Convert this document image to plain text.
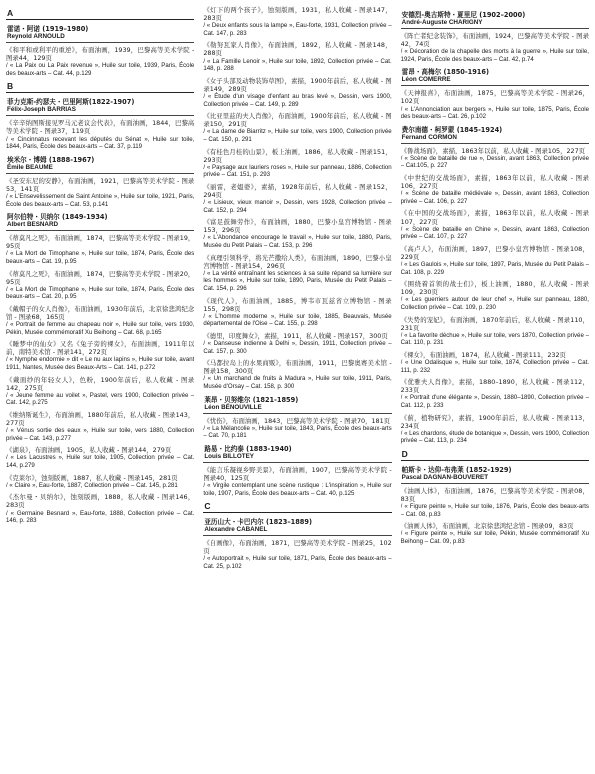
A
雷诺・阿诺 (1919–1980)
Reynold ARNOULD
《和平和或利平的重逆》，布面油画，1939，巴黎高等美术学院 - 图录44，129页
/ « La Paix ou La Paix revenue », Huile sur toile, 1939, Paris, École des beaux-arts – Cat. 44, p.129
B
菲力克斯-约瑟夫・巴里阿斯(1822-1907)
Félix-Joseph BARRIAS
《辛辛纳图斯接见罗马元老议会代表》，布面油画，1844，巴黎高等美术学院 - 图录37，119页
/ « Cincinnatus recevant les députés du Sénat », Huile sur toile, 1844, Paris, École des beaux-arts – Cat. 37, p.119
埃米尔・博姆 (1888-1967)
Émile BEAUME
《圣安东尼的安静》，布面油画，1921，巴黎高等美术学院 - 图录53，141页
/ « L'Ensevelissement de Saint Antoine », Huile sur toile, 1921, Paris, École des beaux-arts – Cat. 53, p.141
阿尔伯特・贝纳尔 (1849-1934)
Albert BESNARD
《蒂莫凡之死》，布面油画，1874，巴黎高等美术学院 - 图录19，95页
/ « La Mort de Timophane », Huile sur toile, 1874, Paris, École des beaux-arts – Cat. 19, p.95
《蒂莫凡之死》，布面油画，1874，巴黎高等美术学院 - 图录20，95页
/ « La Mort de Timophane », Huile sur toile, 1874, Paris, École des beaux-arts – Cat. 20, p.95
《戴帽子的女人肖像》，布面油画，1930年前后，北京徐悲鸿纪念馆 - 图录68，165页
/ « Portrait de femme au chapeau noir », Huile sur toile, vers 1930, Pékin, Musée commémoratif Xu Beihong – Cat. 68, p.165
《睡梦中的仙女》又名《兔子旁的裸女》，布面油画，1911年以前，南特美术馆 - 图录141，272页
/ « Nymphe endormie » dit « Le nu aux lapins », Huile sur toile, avant 1911, Nantes, Musée des Beaux-Arts – Cat. 141, p.272
《戴面纱的年轻女人》，色粉，1900年前后，私人收藏 - 图录142，275页
/ « Jeune femme au voilet », Pastel, vers 1900, Collection privée – Cat. 142, p.275
《维纳斯诞生》，布面油画，1880年前后，私人收藏 - 图录143，277页
/ « Vénus sortie des eaux », Huile sur toile, vers 1880, Collection privée – Cat. 143, p.277
《湖泉》，布面油画，1905，私人收藏 - 图录144，279页
/ « Les Lacustres », Huile sur toile, 1905, Collection privée – Cat. 144, p.279
《克莱尔》，蚀刻版画，1887，私人收藏 - 图录145，281页
/ « Claire », Eau-forte, 1887, Collection privée – Cat. 145, p.281
《杰尔曼・贝纳尔》，蚀刻版画，1888，私人收藏 - 图录146，283页
/ « Germaine Besnard », Eau-forte, 1888, Collection privée – Cat. 146, p. 283
《灯下的两个孩子》，蚀刻版画，1931，私人收藏 - 图录147，283页
/ « Deux enfants sous la lampe », Eau-forte, 1931, Collection privée – Cat. 147, p. 283
《勒努瓦家人肖像》，布面油画，1892，私人收藏 - 图录148，288页
/ « La Famille Lenoir », Huile sur toile, 1892, Collection privée – Cat. 148, p. 288
《女子头部及动物装饰草图》，素描，1900年前后，私人收藏 - 图录149，289页
/ « Étude d'un visage d'enfant au bras levé », Dessin, vers 1900, Collection privée – Cat. 149, p. 289
《比亚里兹的夫人肖像》，布面油画，1900年前后，私人收藏 - 图录150，291页
/ « La dame de Biarritz », Huile sur toile, vers 1900, Collection privée – Cat. 150, p. 291
《有桂色月桂的山景》，板上油画，1886，私人收藏 - 图录151，293页
/ « Paysage aux lauriers roses », Huile sur panneau, 1886, Collection privée – Cat. 151, p. 293
《丽雷，老媪婆》，素描，1928年前后，私人收藏 - 图录152，294页
/ « Lisieux, vieux manoir », Dessin, vers 1928, Collection privée – Cat. 152, p. 294
《富足鼓舞劳作》，布面油画，1880，巴黎小皇宫博物馆 - 图录153，296页
/ « L'Abondance encourage le travail », Huile sur toile, 1880, Paris, Musée du Petit Palais – Cat. 153, p. 296
《真理引领科学，将光芒撒给人类》，布面油画，1890，巴黎小皇宫博物馆 - 图录154，296页
/ « La vérité entraînant les sciences à sa suite répand sa lumière sur les hommes », Huile sur toile, 1890, Paris, Musée du Petit Palais – Cat. 154, p. 296
《现代人》，布面油画，1885，博韦市瓦兹省立博物馆 - 图录155，298页
/ « L'homme moderne », Huile sur toile, 1885, Beauvais, Musée départemental de l'Oise – Cat. 155, p. 298
《德里，印度舞女》，素描，1911，私人收藏 - 图录157，300页
/ « Danseuse indienne à Delhi », Dessin, 1911, Collection privée – Cat. 157, p. 300
《马都拉岛上的水果商贩》，布面油画，1911，巴黎奥赛美术馆 - 图录158，300页
/ « Un marchand de fruits à Madura », Huile sur toile, 1911, Paris, Musée d'Orsay – Cat. 158, p. 300
莱昂・贝努维尔 (1821-1859)
Léon BÉNOUVILLE
《忧伤》，布面油画，1843，巴黎高等美术学院 - 图录70，181页
/ « La Mélancolie », Huile sur toile, 1843, Paris, École des beaux-arts – Cat. 70, p.181
路易・比约泰 (1883-1940)
Louis BILLOTEY
《能言乐凝视乡野美景》，布面油画，1907，巴黎高等美术学院 - 图录40，125页
/ « Virgile contemplant une scène rustique : L'inspiration », Huile sur toile, 1907, Paris, École des beaux-arts – Cat. 40, p.125
C
亚历山大・卡巴内尔 (1823–1889)
Alexandre CABANEL
《自画像》，布面油画，1871，巴黎高等美术学院 - 图录25，102页
/ « Autoportrait », Huile sur toile, 1871, Paris, École des beaux-arts – Cat. 25, p.102
安德烈-奥古斯特・夏里尼 (1902–2000)
André-Auguste CHARIGNY
《阵亡者纪念装饰》，布面油画，1924，巴黎高等美术学院 - 图录42，74页
/ « Décoration de la chapelle des morts à la guerre », Huile sur toile, 1924, Paris, École des beaux-arts – Cat. 42, p.74
雷昂・高梅尔 (1850-1916)
Léon COMERRE
《天神报喜》，布面油画，1875，巴黎高等美术学院 - 图录26，102页
/ « L'Annonciation aux bergers », Huile sur toile, 1875, Paris, École des beaux-arts – Cat. 26, p.102
费尔南德・柯罗蒙 (1845-1924)
Fernand CORMON
《鲁战场面》，素描，1863年以前，私人收藏 - 图录105，227页
/ « Scène de bataille de rue », Dessin, avant 1863, Collection privée – Cat.105, p. 227
《中世纪的交战场面》，素描，1863年以前，私人收藏 - 图录106，227页
/ « Scène de bataille médiévale », Dessin, avant 1863, Collection privée – Cat. 106, p. 227
《在中国的交战场面》，素描，1863年以前，私人收藏 - 图录107，227页
/ « Scène de bataille en Chine », Dessin, avant 1863, Collection privée – Cat. 107, p. 227
《高卢人》，布面油画，1897，巴黎小皇宫博物馆 - 图录108，229页
/ « Les Gaulois », Huile sur toile, 1897, Paris, Musée du Petit Palais – Cat. 108, p. 229
《围绕着首领的战士们》，板上油画，1880，私人收藏 - 图录109，230页
/ « Les guerriers autour de leur chef », Huile sur panneau, 1880, Collection privée – Cat. 109, p. 230
《失势的宠妃》，布面油画，1870年前后，私人收藏 - 图录110，231页
/ « La favorite déchue », Huile sur toile, vers 1870, Collection privée – Cat. 110, p. 231
《裸女》，布面油画，1874，私人收藏 - 图录111，232页
/ « Une Odalisque », Huile sur toile, 1874, Collection privée – Cat. 111, p. 232
《优雅夫人肖像》，素描，1880–1890，私人收藏 - 图录112，233页
/ « Portrait d'une élégante », Dessin, 1880–1890, Collection privée – Cat. 112, p. 233
《蓟，植物研究》，素描，1900年前后，私人收藏 - 图录113，234页
/ « Les chardons, étude de botanique », Dessin, vers 1900, Collection privée – Cat. 113, p. 234
D
帕斯卡・达仰-布弗莱 (1852-1929)
Pascal DAGNAN-BOUVERET
《油画人体》，布面油画，1876，巴黎高等美术学院 - 图录08，83页
/ « Figure peinte », Huile sur toile, 1876, Paris, École des beaux-arts – Cat. 08, p.83
《油画人体》，布面油画，北京徐悲鸿纪念馆 - 图录09，83页
/ « Figure peinte », Huile sur toile, Pékin, Musée commémoratif Xu Beihong – Cat. 09, p.83
